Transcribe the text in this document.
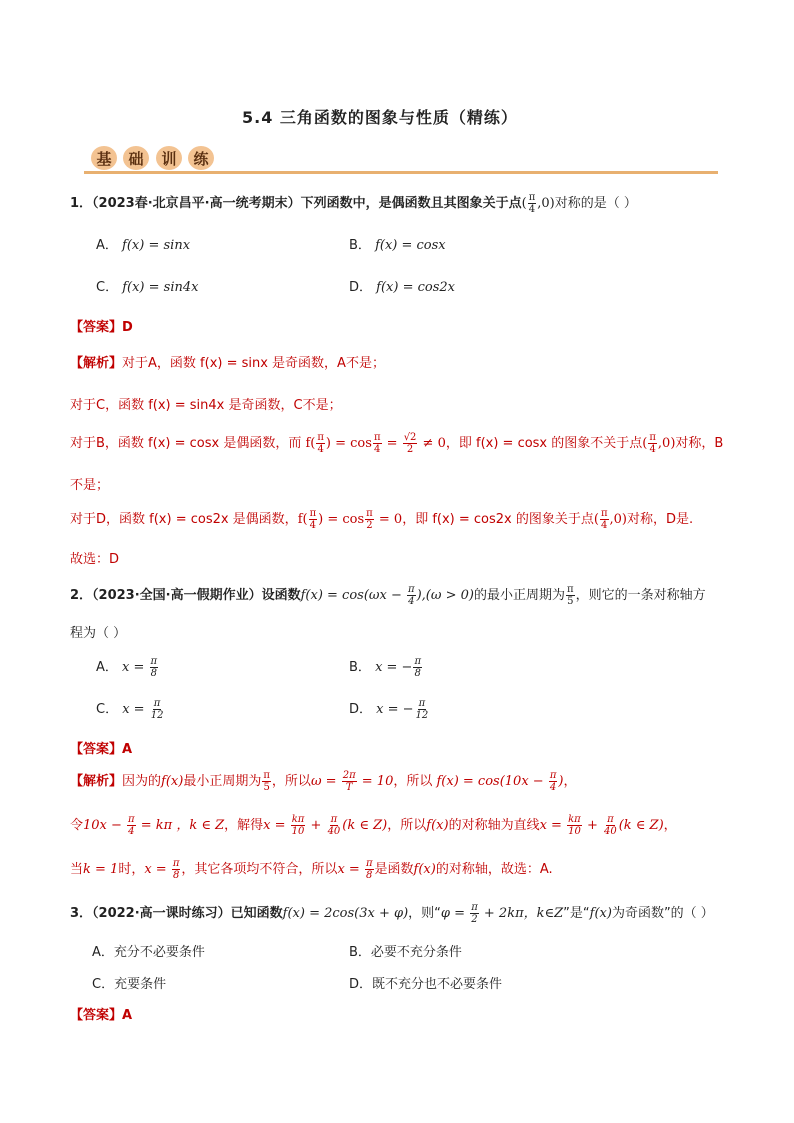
5.4 三角函数的图象与性质（精练）
基	础	训	练
1．（2023春·北京昌平·高一统考期末）下列函数中，是偶函数且其图象关于点( $\frac{\pi}{4} ,0$)对称的是（ ）
A． f(x) = sinx	B． f(x) = cosx
C． f(x) = sin4x	D． f(x) = cos2x
【答案】D
【解析】对于A，函数 f(x) = sinx 是奇函数，A不是；
对于C，函数 f(x) = sin4x 是奇函数，C不是；
对于B，函数 f(x) = cosx 是偶函数，而 $f( \frac{\pi}{4}$ ) = $\cos \frac{\pi}{4} = \frac{√2}{2} \ne 0$，即 f(x) = cosx 的图象不关于点( $\frac{\pi}{4} ,0$)对称，B
不是；
对于D，函数 f(x) = cos2x 是偶函数，$f( \frac{\pi}{4}$ ) = $\cos \frac{\pi}{2} = 0$，即 f(x) = cos2x 的图象关于点( $\frac{\pi}{4} ,0$)对称，D是.
故选：D
2．（2023·全国·高一假期作业）设函数$f(x) = \cos(\omega x - \frac{\pi}{4} ),(\omega > 0)$的最小正周期为 $\frac{\pi}{5}$ ，则它的一条对称轴方
程为（ ）
A． $x = \frac{\pi}{8}$	B． x = − $\frac{\pi}{8}$
C． $x = \frac{\pi}{12}$	D． x = − $\frac{\pi}{12}$
【答案】A
【解析】因为的f(x)最小正周期为 $\frac{\pi}{5}$ ，所以$\omega = \frac{2\pi}{T} = 10$，所以 $f(x) = \cos(10x - \frac{\pi}{4}$ )，
令$10x - \frac{\pi}{4} = k\pi$ ，k ∈ Z，解得$x = \frac{k\pi}{10} + \frac{\pi}{40} (k$ ∈ Z)，所以f(x)的对称轴为直线$x = \frac{k\pi}{10} + \frac{\pi}{40} (k$ ∈ Z)，
当k = 1时，$x = \frac{\pi}{8}$ ，其它各项均不符合，所以$x = \frac{\pi}{8}$ 是函数f(x)的对称轴，故选：A.
3．（2022·高一课时练习）已知函数f(x) = 2cos(3x + φ)，则“$\varphi = \frac{\pi}{2} + 2k\pi$，k∈Z”是“f(x)为奇函数”的（ ）
A．充分不必要条件	B．必要不充分条件
C．充要条件	D．既不充分也不必要条件
【答案】A
